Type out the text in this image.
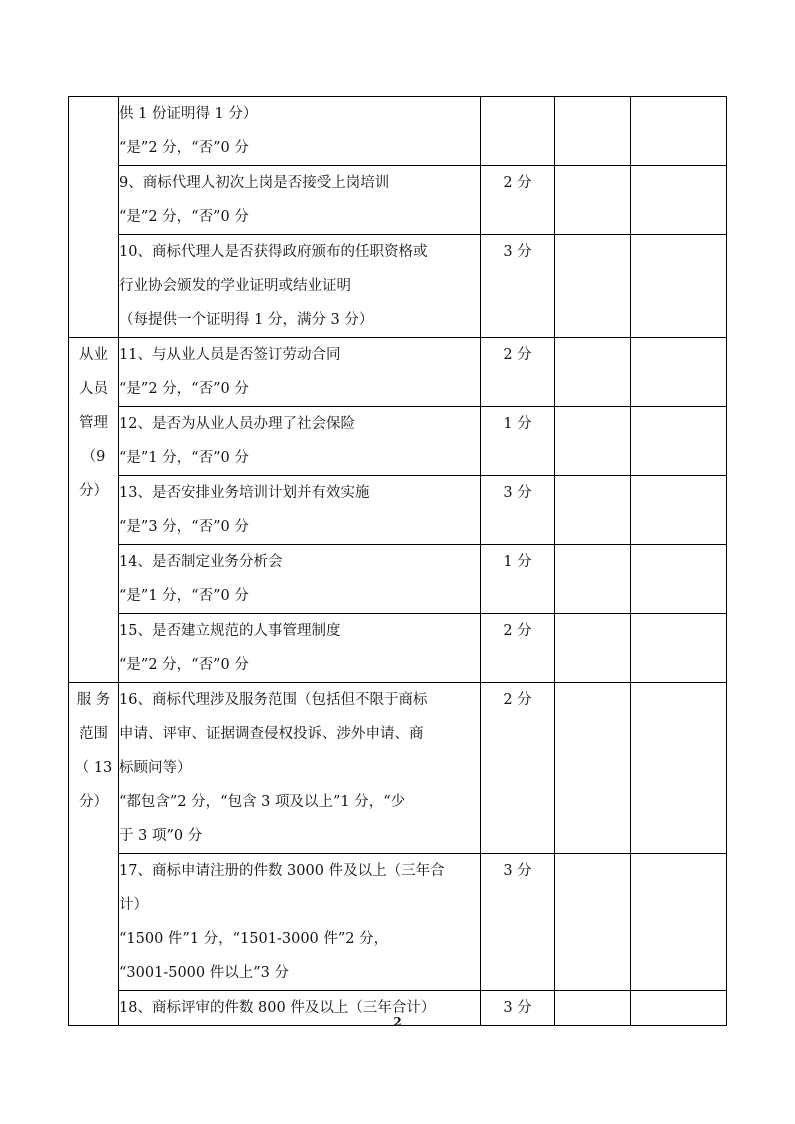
	供 1 份证明得 1 分）
“是”2 分，“否”0 分			

	9、商标代理人初次上岗是否接受上岗培训
“是”2 分，“否”0 分	2 分		

	10、商标代理人是否获得政府颁布的任职资格或
行业协会颁发的学业证明或结业证明
（每提供一个证明得 1 分，满分 3 分）	3 分		

从业
人员
管理
（9
分）	11、与从业人员是否签订劳动合同
“是”2 分，“否”0 分	2 分		

	12、是否为从业人员办理了社会保险
“是”1 分，“否”0 分	1 分		

	13、是否安排业务培训计划并有效实施
“是”3 分，“否”0 分	3 分		

	14、是否制定业务分析会
“是”1 分，“否”0 分	1 分		

	15、是否建立规范的人事管理制度
“是”2 分，“否”0 分	2 分		

服 务
范围
（ 13
分）	16、商标代理涉及服务范围（包括但不限于商标
申请、评审、证据调查侵权投诉、涉外申请、商
标顾问等）
“都包含”2 分，“包含 3 项及以上”1 分，“少
于 3 项”0 分	2 分		

	17、商标申请注册的件数 3000 件及以上（三年合
计）
“1500 件”1 分，“1501-3000 件”2 分，
“3001-5000 件以上”3 分	3 分		

	18、商标评审的件数 800 件及以上（三年合计）	3 分		
2
